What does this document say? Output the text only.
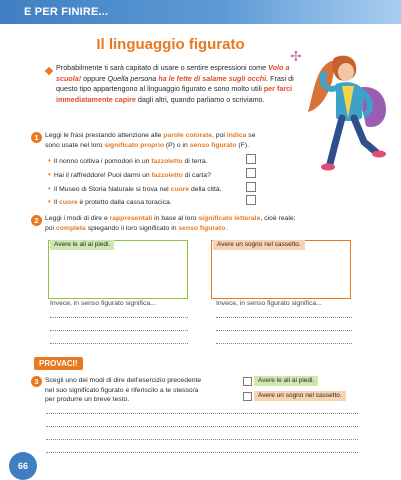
E PER FINIRE...
Il linguaggio figurato
Probabilmente ti sarà capitato di usare o sentire espressioni come Volo a scuola! oppure Quella persona ha le fette di salame sugli occhi. Frasi di questo tipo appartengono al linguaggio figurato e sono molto utili per farci immediatamente capire dagli altri, quando parliamo o scriviamo.
✢
1 Leggi le frasi prestando attenzione alle parole colorate, poi indica se
sono usate nel loro significato proprio (P) o in senso figurato (F).
• Il nonno coltiva i pomodori in un fazzoletto di terra.
• Hai il raffreddore! Puoi darmi un fazzoletto di carta?
• Il Museo di Storia Naturale si trova nel cuore della città.
• Il cuore è protetto dalla cassa toracica.
2 Leggi i modi di dire e rappresentali in base al loro significato letterale, cioè reale;
poi completa spiegando il loro significato in senso figurato.
Avere le ali ai piedi.	Avere un sogno nel cassetto.
Invece, in senso figurato significa...	Invece, in senso figurato significa...
PROVACI!
3 Scegli uno dei modi di dire dell'esercizio precedente
nel suo significato figurato e riferiscilo a te stesso/a
per produrre un breve testo.
Avere le ali ai piedi.
Avere un sogno nel cassetto.
66
